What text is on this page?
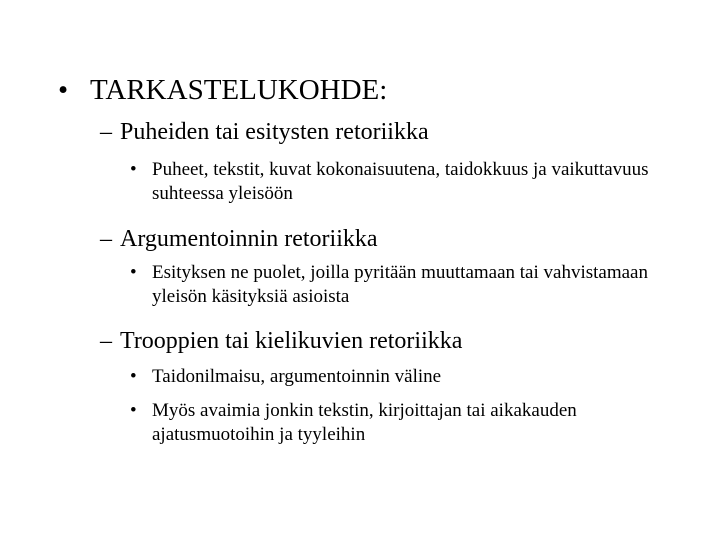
• TARKASTELUKOHDE:
– Puheiden tai esitysten retoriikka
• Puheet, tekstit, kuvat kokonaisuutena, taidokkuus ja vaikuttavuus suhteessa yleisöön
– Argumentoinnin retoriikka
• Esityksen ne puolet, joilla pyritään muuttamaan tai vahvistamaan yleisön käsityksiä asioista
– Trooppien tai kielikuvien retoriikka
• Taidonilmaisu, argumentoinnin väline
• Myös avaimia jonkin tekstin, kirjoittajan tai aikakauden ajatusmuotoihin ja tyyleihin
